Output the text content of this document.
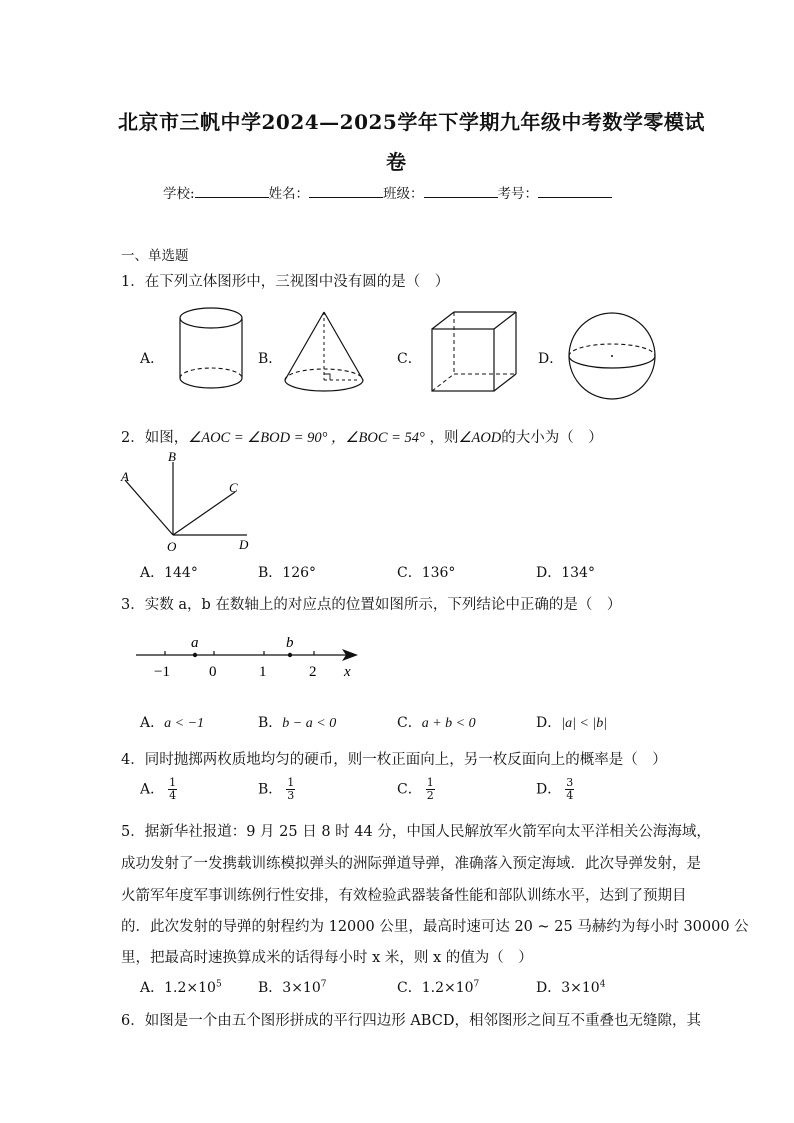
北京市三帆中学2024—2025学年下学期九年级中考数学零模试
卷
学校:	姓名：	班级：	考号：
一、单选题
1．在下列立体图形中，三视图中没有圆的是（　）
A．	B．	C．	D．
2．如图，∠AOC = ∠BOD = 90° ，∠BOC = 54° ，则∠AOD的大小为（　）
A
B
C
O	D
A．144°	B．126°	C．136°	D．134°
3．实数 a，b 在数轴上的对应点的位置如图所示，下列结论中正确的是（　）
a	b
x
−1	0	1	2
A．a < −1	B．b − a < 0	C．a + b < 0	D．|a| < |b|
4．同时抛掷两枚质地均匀的硬币，则一枚正面向上，另一枚反面向上的概率是（　）
A． $\frac{1}{4}$	B． $\frac{1}{3}$	C． $\frac{1}{2}$	D． $\frac{3}{4}$
5．据新华社报道：9 月 25 日 8 时 44 分，中国人民解放军火箭军向太平洋相关公海海域，
成功发射了一发携载训练模拟弹头的洲际弹道导弹，准确落入预定海域．此次导弹发射，是
火箭军年度军事训练例行性安排，有效检验武器装备性能和部队训练水平，达到了预期目
的．此次发射的导弹的射程约为 12000 公里，最高时速可达 20 ~ 25 马赫约为每小时 30000 公
里，把最高时速换算成米的话得每小时 x 米，则 x 的值为（　）
A．$1.2\times 10^5$	B．$3\times 10^7$	C．$1.2\times 10^7$	D．$3\times 10^4$
6．如图是一个由五个图形拼成的平行四边形 ABCD，相邻图形之间互不重叠也无缝隙，其
